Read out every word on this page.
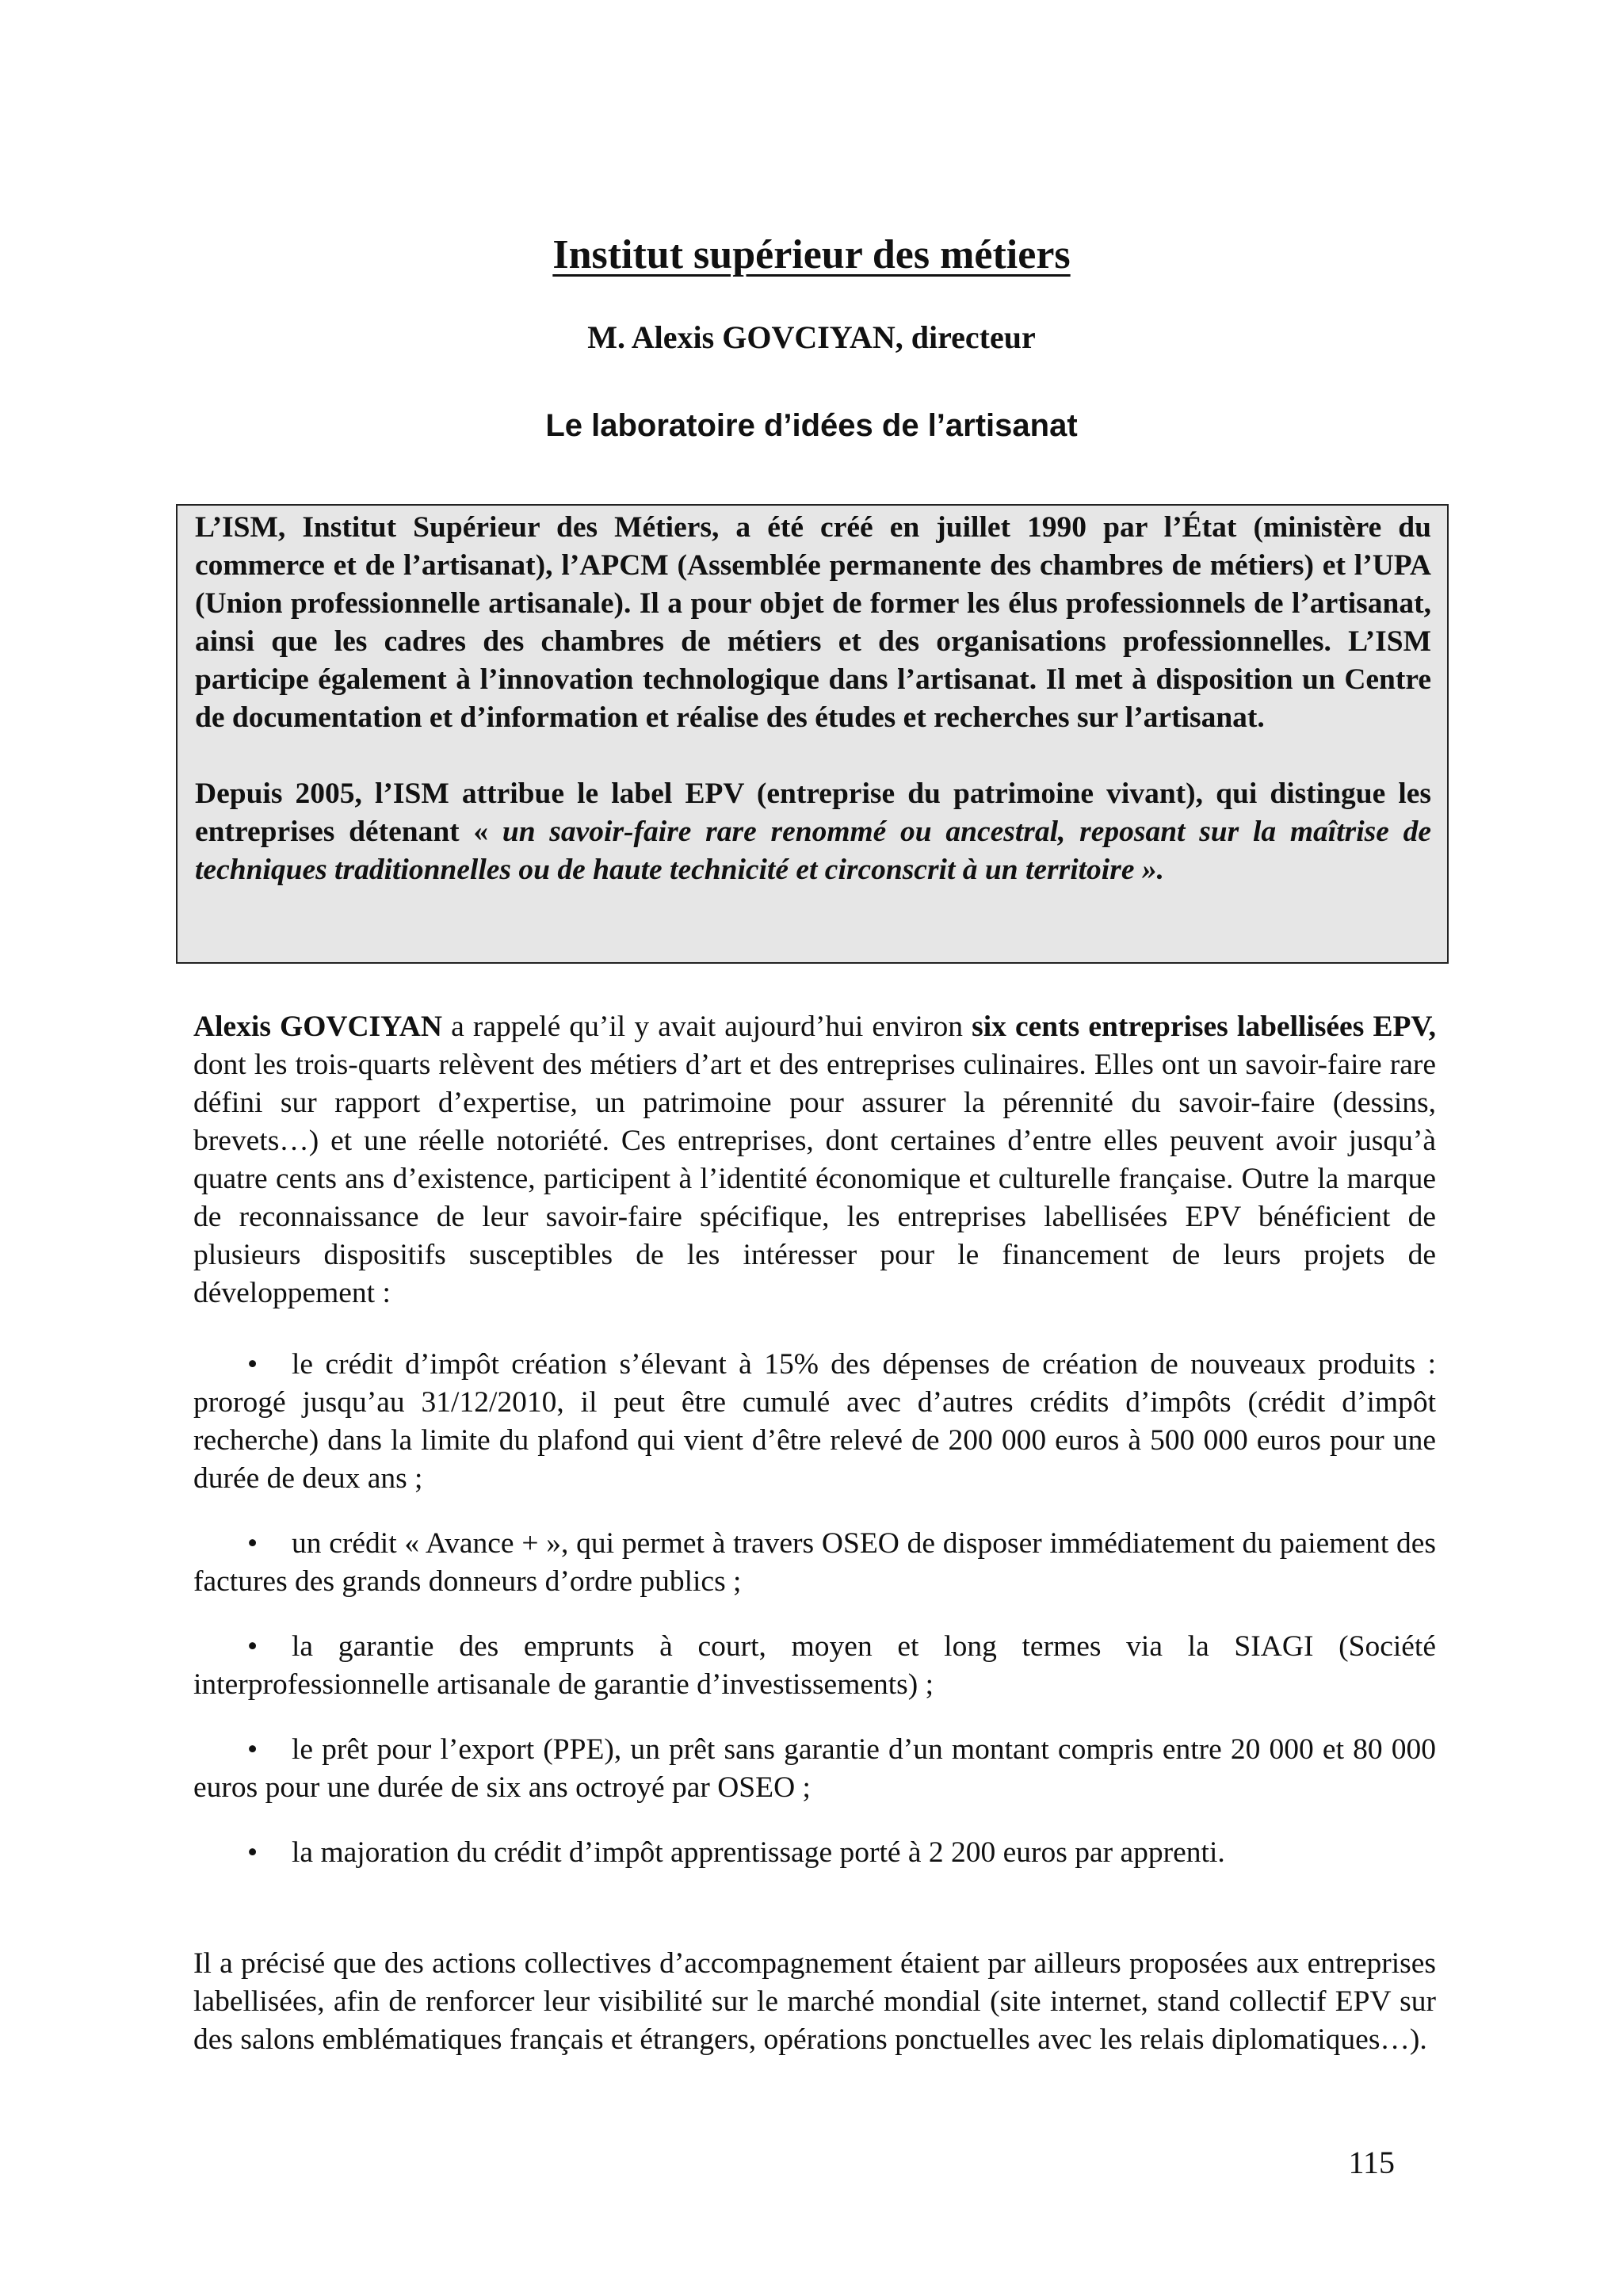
Institut supérieur des métiers
M. Alexis GOVCIYAN, directeur
Le laboratoire d’idées de l’artisanat

L’ISM, Institut Supérieur des Métiers, a été créé en juillet 1990 par l’État (ministère du commerce et de l’artisanat), l’APCM (Assemblée permanente des chambres de métiers) et l’UPA (Union professionnelle artisanale). Il a pour objet de former les élus professionnels de l’artisanat, ainsi que les cadres des chambres de métiers et des organisations professionnelles. L’ISM participe également à l’innovation technologique dans l’artisanat. Il met à disposition un Centre de documentation et d’information et réalise des études et recherches sur l’artisanat.

Depuis 2005, l’ISM attribue le label EPV (entreprise du patrimoine vivant), qui distingue les entreprises détenant « un savoir-faire rare renommé ou ancestral, reposant sur la maîtrise de techniques traditionnelles ou de haute technicité et circonscrit à un territoire ».

Alexis GOVCIYAN a rappelé qu’il y avait aujourd’hui environ six cents entreprises labellisées EPV, dont les trois-quarts relèvent des métiers d’art et des entreprises culinaires. Elles ont un savoir-faire rare défini sur rapport d’expertise, un patrimoine pour assurer la pérennité du savoir-faire (dessins, brevets…) et une réelle notoriété. Ces entreprises, dont certaines d’entre elles peuvent avoir jusqu’à quatre cents ans d’existence, participent à l’identité économique et culturelle française. Outre la marque de reconnaissance de leur savoir-faire spécifique, les entreprises labellisées EPV bénéficient de plusieurs dispositifs susceptibles de les intéresser pour le financement de leurs projets de développement :

•	le crédit d’impôt création s’élevant à 15% des dépenses de création de nouveaux produits : prorogé jusqu’au 31/12/2010, il peut être cumulé avec d’autres crédits d’impôts (crédit d’impôt recherche) dans la limite du plafond qui vient d’être relevé de 200 000 euros à 500 000 euros pour une durée de deux ans ;
•	un crédit « Avance + », qui permet à travers OSEO de disposer immédiatement du paiement des factures des grands donneurs d’ordre publics ;
•	la garantie des emprunts à court, moyen et long termes via la SIAGI (Société interprofessionnelle artisanale de garantie d’investissements) ;
•	le prêt pour l’export (PPE), un prêt sans garantie d’un montant compris entre 20 000 et 80 000 euros pour une durée de six ans octroyé par OSEO ;
•	la majoration du crédit d’impôt apprentissage porté à 2 200 euros par apprenti.

Il a précisé que des actions collectives d’accompagnement étaient par ailleurs proposées aux entreprises labellisées, afin de renforcer leur visibilité sur le marché mondial (site internet, stand collectif EPV sur des salons emblématiques français et étrangers, opérations ponctuelles avec les relais diplomatiques…).

115
